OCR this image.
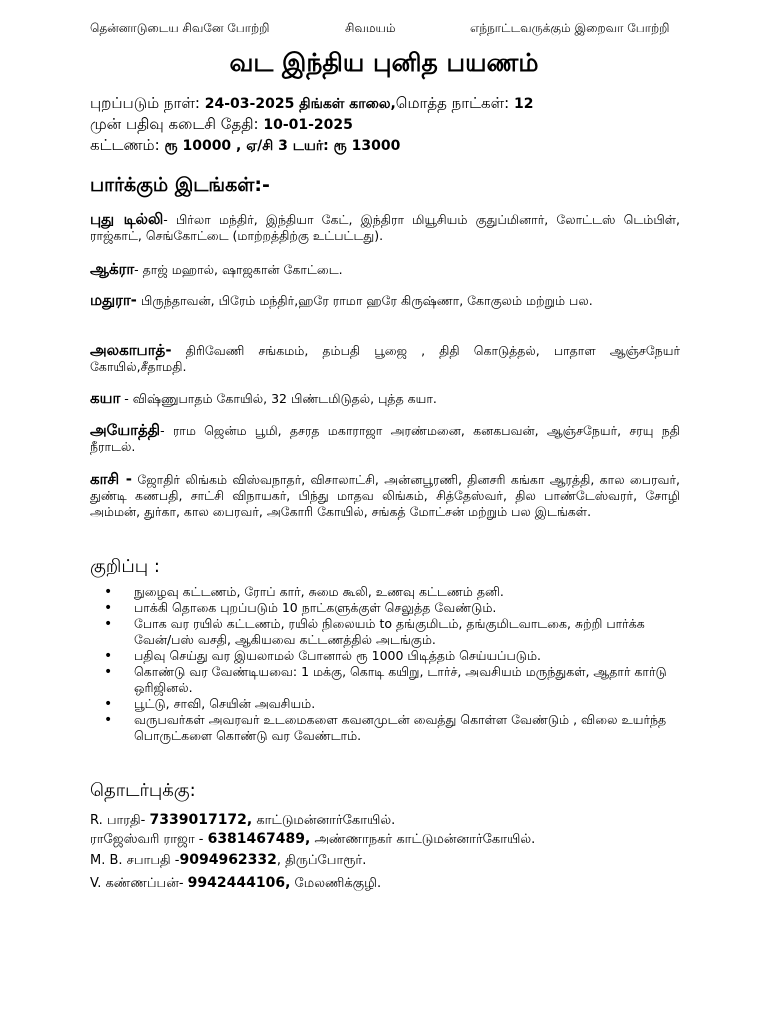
தென்னாடுடைய சிவனே போற்றி	சிவமயம்	எந்நாட்டவருக்கும் இறைவா போற்றி
வட இந்திய புனித பயணம்
புறப்படும் நாள்: 24-03-2025 திங்கள் காலை,மொத்த நாட்கள்: 12
முன் பதிவு கடைசி தேதி: 10-01-2025
கட்டணம்: ரூ 10000 , ஏ/சி 3 டயர்: ரூ 13000
பார்க்கும் இடங்கள்:-
புது டில்லி- பிர்லா மந்திர், இந்தியா கேட், இந்திரா மியூசியம் குதுப்மினார், லோட்டஸ் டெம்பிள், ராஜ்காட், செங்கோட்டை (மாற்றத்திற்கு உட்பட்டது).
ஆக்ரா- தாஜ் மஹால், ஷாஜகான் கோட்டை.
மதுரா- பிருந்தாவன், பிரேம் மந்திர்,ஹரே ராமா ஹரே கிருஷ்ணா, கோகுலம் மற்றும் பல.
அலகாபாத்- திரிவேணி சங்கமம், தம்பதி பூஜை , திதி கொடுத்தல், பாதாள ஆஞ்சநேயர் கோயில்,சீதாமதி.
கயா - விஷ்ணுபாதம் கோயில், 32 பிண்டமிடுதல், புத்த கயா.
அயோத்தி- ராம ஜென்ம பூமி, தசரத மகாராஜா அரண்மனை, கனகபவன், ஆஞ்சநேயர், சரயு நதி நீராடல்.
காசி - ஜோதிர் லிங்கம் விஸ்வநாதர், விசாலாட்சி, அன்னபூரணி, தினசரி கங்கா ஆரத்தி, கால பைரவர், துண்டி கணபதி, சாட்சி விநாயகர், பிந்து மாதவ லிங்கம், சித்தேஸ்வர், தில பாண்டேஸ்வரர், சோழி அம்மன், துர்கா, கால பைரவர், அகோரி கோயில், சங்கத் மோட்சன் மற்றும் பல இடங்கள்.
குறிப்பு :
• நுழைவு கட்டணம், ரோப் கார், சுமை கூலி, உணவு கட்டணம் தனி.
• பாக்கி தொகை புறப்படும் 10 நாட்களுக்குள் செலுத்த வேண்டும்.
• போக வர ரயில் கட்டணம், ரயில் நிலையம் to தங்குமிடம், தங்குமிடவாடகை, சுற்றி பார்க்க வேன்/பஸ் வசதி, ஆகியவை கட்டணத்தில் அடங்கும்.
• பதிவு செய்து வர இயலாமல் போனால் ரூ 1000 பிடித்தம் செய்யப்படும்.
• கொண்டு வர வேண்டியவை: 1 மக்கு, கொடி கயிறு, டார்ச், அவசியம் மருந்துகள், ஆதார் கார்டு ஒரிஜினல்.
• பூட்டு, சாவி, செயின் அவசியம்.
• வருபவர்கள் அவரவர் உடமைகளை கவனமுடன் வைத்து கொள்ள வேண்டும் , விலை உயர்ந்த பொருட்களை கொண்டு வர வேண்டாம்.
தொடர்புக்கு:
R. பாரதி- 7339017172, காட்டுமன்னார்கோயில்.
ராஜேஸ்வரி ராஜா - 6381467489, அண்ணாநகர் காட்டுமன்னார்கோயில்.
M. B. சபாபதி -9094962332, திருப்போரூர்.
V. கண்ணப்பன்- 9942444106, மேலணிக்குழி.
